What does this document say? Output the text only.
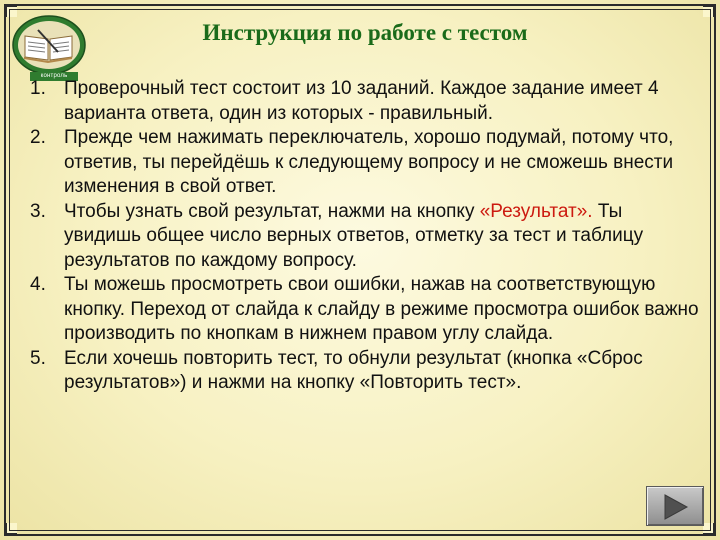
контроль
Инструкция по работе с тестом
1. Проверочный тест состоит из 10 заданий. Каждое задание имеет 4 варианта ответа, один из которых - правильный.
2. Прежде чем нажимать переключатель, хорошо подумай, потому что, ответив, ты перейдёшь к следующему вопросу и не сможешь внести изменения в свой ответ.
3. Чтобы узнать свой результат, нажми на кнопку «Результат». Ты увидишь общее число верных ответов, отметку за тест и таблицу результатов по каждому вопросу.
4. Ты можешь просмотреть свои ошибки, нажав на соответствующую кнопку. Переход от слайда к слайду в режиме просмотра ошибок важно производить по кнопкам в нижнем правом углу слайда.
5. Если хочешь повторить тест, то обнули результат (кнопка «Сброс результатов») и нажми на кнопку «Повторить тест».
